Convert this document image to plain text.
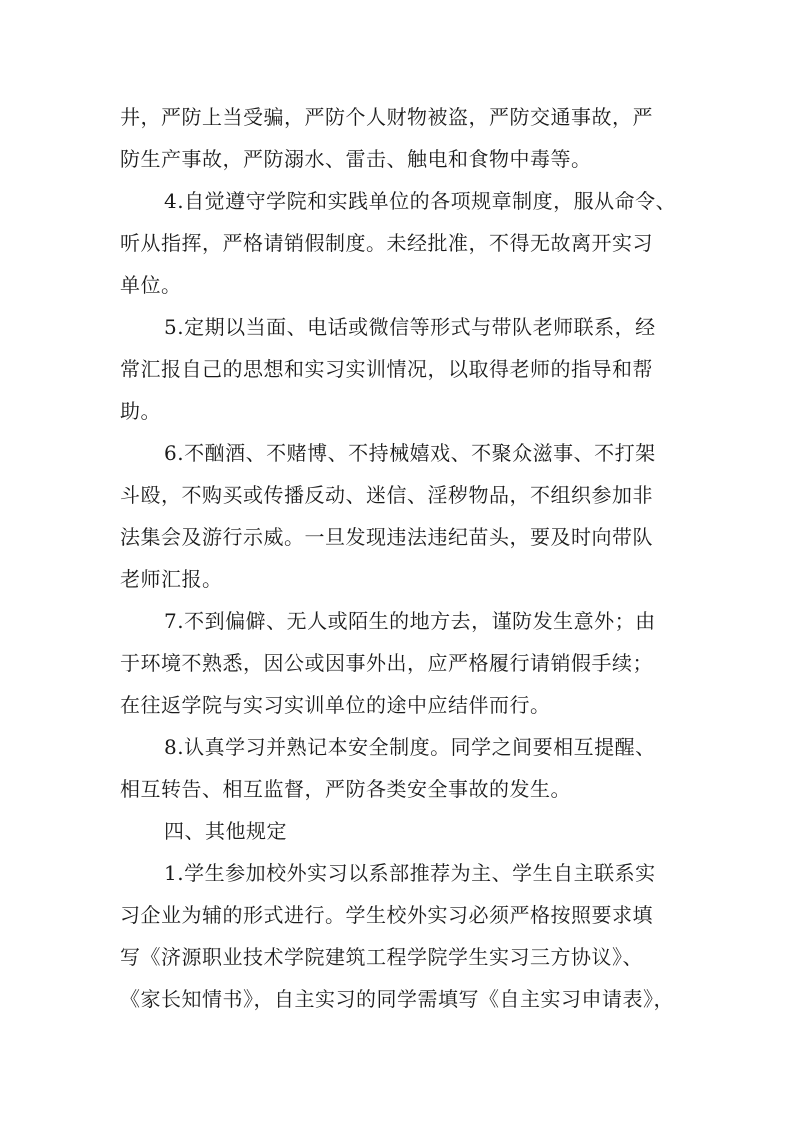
井，严防上当受骗，严防个人财物被盗，严防交通事故，严
防生产事故，严防溺水、雷击、触电和食物中毒等。
4.自觉遵守学院和实践单位的各项规章制度，服从命令、
听从指挥，严格请销假制度。未经批准，不得无故离开实习
单位。
5.定期以当面、电话或微信等形式与带队老师联系，经
常汇报自己的思想和实习实训情况，以取得老师的指导和帮
助。
6.不酗酒、不赌博、不持械嬉戏、不聚众滋事、不打架
斗殴，不购买或传播反动、迷信、淫秽物品，不组织参加非
法集会及游行示威。一旦发现违法违纪苗头，要及时向带队
老师汇报。
7.不到偏僻、无人或陌生的地方去，谨防发生意外；由
于环境不熟悉，因公或因事外出，应严格履行请销假手续；
在往返学院与实习实训单位的途中应结伴而行。
8.认真学习并熟记本安全制度。同学之间要相互提醒、
相互转告、相互监督，严防各类安全事故的发生。
四、其他规定
1.学生参加校外实习以系部推荐为主、学生自主联系实
习企业为辅的形式进行。学生校外实习必须严格按照要求填
写《济源职业技术学院建筑工程学院学生实习三方协议》、
《家长知情书》，自主实习的同学需填写《自主实习申请表》，
